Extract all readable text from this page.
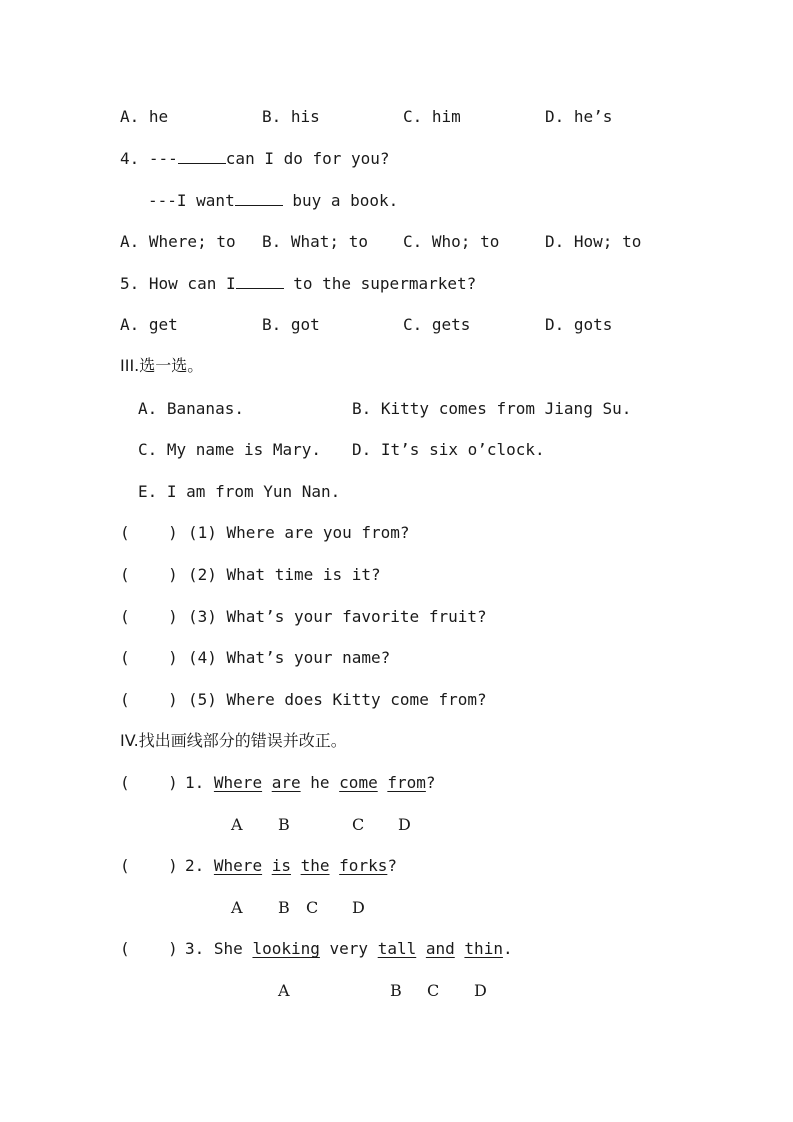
A. he	B. his	C. him	D. he’s
4. ---	can I do for you?
---I want	buy a book.
A. Where; to B. What; to C. Who; to	D. How; to
5. How can I	to the supermarket?
A. get	B. got	C. gets	D. gots
III.选一选。
A. Bananas.	B. Kitty comes from Jiang Su.
C. My name is Mary. D. It’s six o’clock.
E. I am from Yun Nan.
(    ) (1) Where are you from?
(    ) (2) What time is it?
(    ) (3) What’s your favorite fruit?
(    ) (4) What’s your name?
(    ) (5) Where does Kitty come from?
IV.找出画线部分的错误并改正。
(    ) 1. Where are he come from?
A B	C D
(    ) 2. Where is the forks?
A B C D
(    ) 3. She looking very tall and thin.
A	B C D
